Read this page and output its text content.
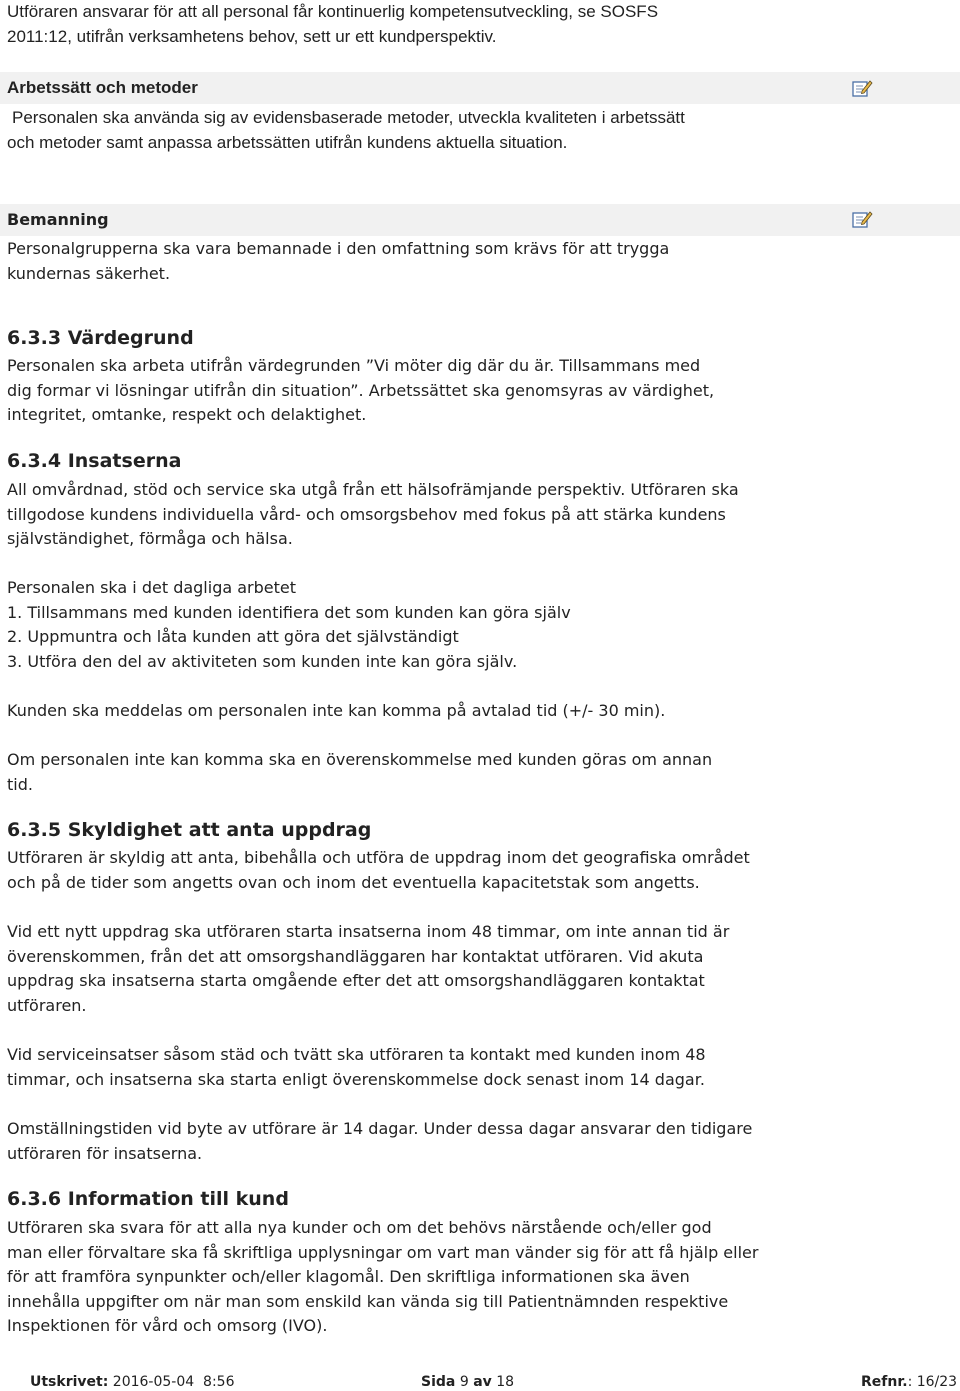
Utföraren ansvarar för att all personal får kontinuerlig kompetensutveckling, se SOSFS
2011:12, utifrån verksamhetens behov, sett ur ett kundperspektiv.
Arbetssätt och metoder
Personalen ska använda sig av evidensbaserade metoder, utveckla kvaliteten i arbetssätt
och metoder samt anpassa arbetssätten utifrån kundens aktuella situation.
Bemanning
Personalgrupperna ska vara bemannade i den omfattning som krävs för att trygga
kundernas säkerhet.
6.3.3 Värdegrund
Personalen ska arbeta utifrån värdegrunden ”Vi möter dig där du är. Tillsammans med
dig formar vi lösningar utifrån din situation”. Arbetssättet ska genomsyras av värdighet,
integritet, omtanke, respekt och delaktighet.
6.3.4 Insatserna
All omvårdnad, stöd och service ska utgå från ett hälsofrämjande perspektiv. Utföraren ska
tillgodose kundens individuella vård- och omsorgsbehov med fokus på att stärka kundens
självständighet, förmåga och hälsa.
Personalen ska i det dagliga arbetet
1. Tillsammans med kunden identifiera det som kunden kan göra själv
2. Uppmuntra och låta kunden att göra det självständigt
3. Utföra den del av aktiviteten som kunden inte kan göra själv.
Kunden ska meddelas om personalen inte kan komma på avtalad tid (+/- 30 min).
Om personalen inte kan komma ska en överenskommelse med kunden göras om annan
tid.
6.3.5 Skyldighet att anta uppdrag
Utföraren är skyldig att anta, bibehålla och utföra de uppdrag inom det geografiska området
och på de tider som angetts ovan och inom det eventuella kapacitetstak som angetts.
Vid ett nytt uppdrag ska utföraren starta insatserna inom 48 timmar, om inte annan tid är
överenskommen, från det att omsorgshandläggaren har kontaktat utföraren. Vid akuta
uppdrag ska insatserna starta omgående efter det att omsorgshandläggaren kontaktat
utföraren.
Vid serviceinsatser såsom städ och tvätt ska utföraren ta kontakt med kunden inom 48
timmar, och insatserna ska starta enligt överenskommelse dock senast inom 14 dagar.
Omställningstiden vid byte av utförare är 14 dagar. Under dessa dagar ansvarar den tidigare
utföraren för insatserna.
6.3.6 Information till kund
Utföraren ska svara för att alla nya kunder och om det behövs närstående och/eller god
man eller förvaltare ska få skriftliga upplysningar om vart man vänder sig för att få hjälp eller
för att framföra synpunkter och/eller klagomål. Den skriftliga informationen ska även
innehålla uppgifter om när man som enskild kan vända sig till Patientnämnden respektive
Inspektionen för vård och omsorg (IVO).
Utskrivet: 2016-05-04  8:56	Sida 9 av 18	Refnr.: 16/23
